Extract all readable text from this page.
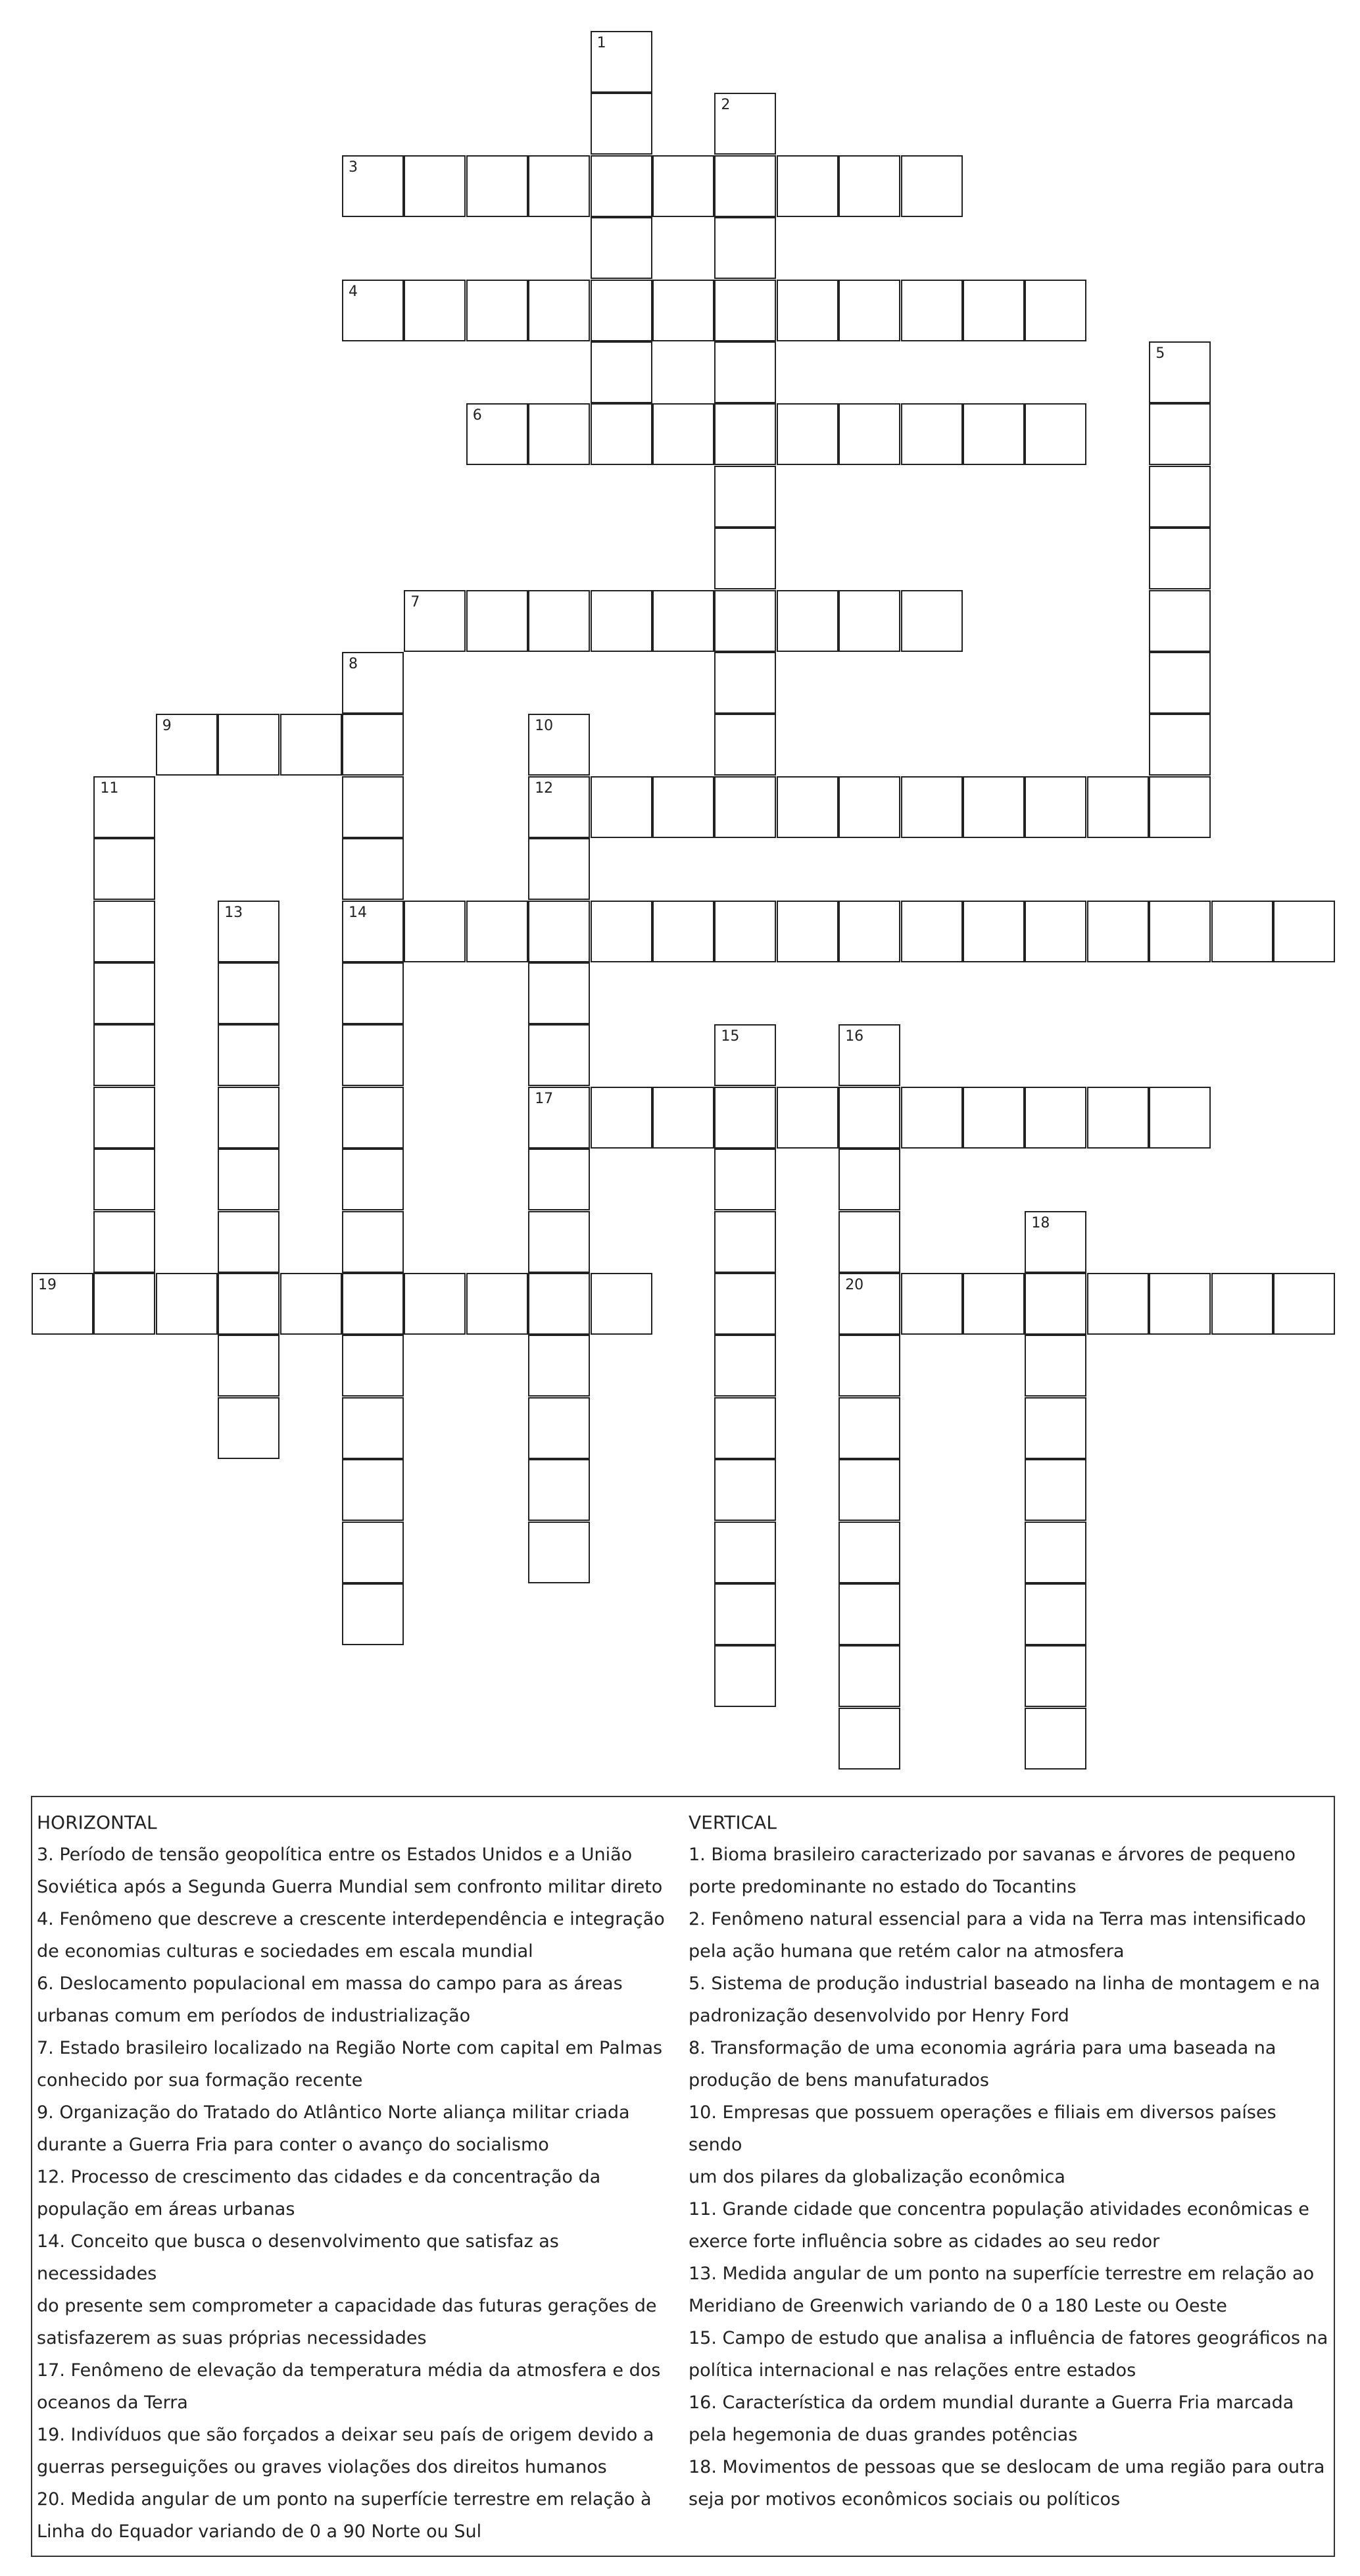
1
2
3
4
5
6
7
8
14
9	10
12
17
11
13
15	16
20
18
19
HORIZONTAL
3. Período de tensão geopolítica entre os Estados Unidos e a União
Soviética após a Segunda Guerra Mundial sem confronto militar direto
4. Fenômeno que descreve a crescente interdependência e integração
de economias culturas e sociedades em escala mundial
6. Deslocamento populacional em massa do campo para as áreas
urbanas comum em períodos de industrialização
7. Estado brasileiro localizado na Região Norte com capital em Palmas
conhecido por sua formação recente
9. Organização do Tratado do Atlântico Norte aliança militar criada
durante a Guerra Fria para conter o avanço do socialismo
12. Processo de crescimento das cidades e da concentração da
população em áreas urbanas
14. Conceito que busca o desenvolvimento que satisfaz as necessidades
do presente sem comprometer a capacidade das futuras gerações de
satisfazerem as suas próprias necessidades
17. Fenômeno de elevação da temperatura média da atmosfera e dos
oceanos da Terra
19. Indivíduos que são forçados a deixar seu país de origem devido a
guerras perseguições ou graves violações dos direitos humanos
20. Medida angular de um ponto na superfície terrestre em relação à
Linha do Equador variando de 0 a 90 Norte ou Sul
VERTICAL
1. Bioma brasileiro caracterizado por savanas e árvores de pequeno
porte predominante no estado do Tocantins
2. Fenômeno natural essencial para a vida na Terra mas intensificado
pela ação humana que retém calor na atmosfera
5. Sistema de produção industrial baseado na linha de montagem e na
padronização desenvolvido por Henry Ford
8. Transformação de uma economia agrária para uma baseada na
produção de bens manufaturados
10. Empresas que possuem operações e filiais em diversos países sendo
um dos pilares da globalização econômica
11. Grande cidade que concentra população atividades econômicas e
exerce forte influência sobre as cidades ao seu redor
13. Medida angular de um ponto na superfície terrestre em relação ao
Meridiano de Greenwich variando de 0 a 180 Leste ou Oeste
15. Campo de estudo que analisa a influência de fatores geográficos na
política internacional e nas relações entre estados
16. Característica da ordem mundial durante a Guerra Fria marcada
pela hegemonia de duas grandes potências
18. Movimentos de pessoas que se deslocam de uma região para outra
seja por motivos econômicos sociais ou políticos
